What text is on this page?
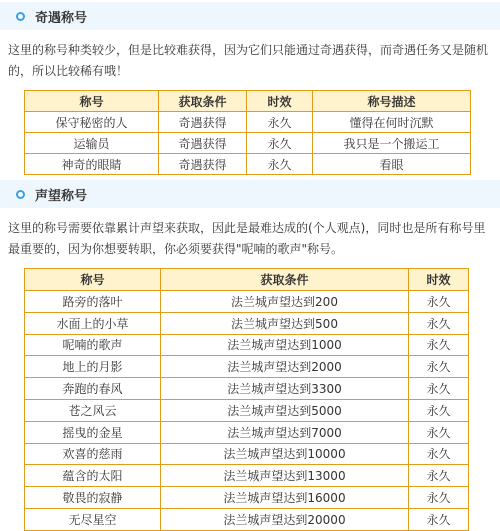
奇遇称号
这里的称号种类较少，但是比较难获得，因为它们只能通过奇遇获得，而奇遇任务又是随机的，所以比较稀有哦！
称号	获取条件	时效	称号描述
保守秘密的人	奇遇获得	永久	懂得在何时沉默
运输员	奇遇获得	永久	我只是一个搬运工
神奇的眼睛	奇遇获得	永久	看眼
声望称号
这里的称号需要依靠累计声望来获取，因此是最难达成的(个人观点)，同时也是所有称号里最重要的，因为你想要转职，你必须要获得"呢喃的歌声"称号。
称号	获取条件	时效
路旁的落叶	法兰城声望达到200	永久
水面上的小草	法兰城声望达到500	永久
呢喃的歌声	法兰城声望达到1000	永久
地上的月影	法兰城声望达到2000	永久
奔跑的春风	法兰城声望达到3300	永久
苍之风云	法兰城声望达到5000	永久
摇曳的金星	法兰城声望达到7000	永久
欢喜的慈雨	法兰城声望达到10000	永久
蕴含的太阳	法兰城声望达到13000	永久
敬畏的寂静	法兰城声望达到16000	永久
无尽星空	法兰城声望达到20000	永久
